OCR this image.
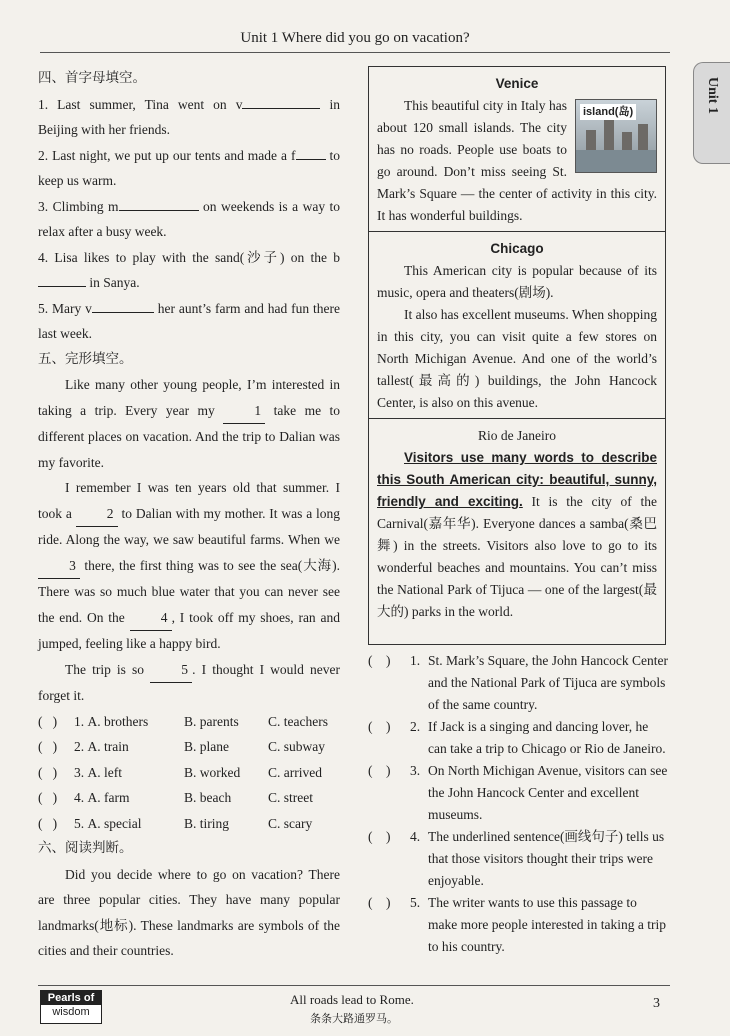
Unit 1 Where did you go on vacation?
Unit 1
四、首字母填空。
1. Last summer, Tina went on v	in Beijing with her friends.
2. Last night, we put up our tents and made a f	to keep us warm.
3. Climbing m	on weekends is a way to relax after a busy week.
4. Lisa likes to play with the sand(沙子) on the b in Sanya.
5. Mary v	her aunt’s farm and had fun there last week.
五、完形填空。
Like many other young people, I’m interested in taking a trip. Every year my	1 take me to different places on vacation. And the trip to Dalian was my favorite.
I remember I was ten years old that summer. I took a	2 to Dalian with my mother. It was a long ride. Along the way, we saw beautiful farms. When we 3 there, the first thing was to see the sea(大海). There was so much blue water that you can never see the end. On the	4 , I took off my shoes, ran and jumped, feeling like a happy bird.
The trip is so	5 . I thought I would never forget it.
(   )	1. A. brothers	B. parents	C. teachers
(   )	2. A. train	B. plane	C. subway
(   )	3. A. left	B. worked	C. arrived
(   )	4. A. farm	B. beach	C. street
(   )	5. A. special	B. tiring	C. scary
六、阅读判断。
Did you decide where to go on vacation? There are three popular cities. They have many popular landmarks(地标). These landmarks are symbols of the cities and their countries.
Venice
island(岛)
This beautiful city in Italy has about 120 small islands. The city has no roads. People use boats to go around. Don’t miss seeing St. Mark’s Square — the center of activity in this city. It has wonderful buildings.
Chicago
This American city is popular because of its music, opera and theaters(剧场).
It also has excellent museums. When shopping in this city, you can visit quite a few stores on North Michigan Avenue. And one of the world’s tallest(最高的) buildings, the John Hancock Center, is also on this avenue.
Rio de Janeiro
Visitors use many words to describe this South American city: beautiful, sunny, friendly and exciting. It is the city of the Carnival(嘉年华). Everyone dances a samba(桑巴舞) in the streets. Visitors also love to go to its wonderful beaches and mountains. You can’t miss the National Park of Tijuca — one of the largest(最大的) parks in the world.
(    )	1. St. Mark’s Square, the John Hancock Center and the National Park of Tijuca are symbols of the same country.
(    )	2. If Jack is a singing and dancing lover, he can take a trip to Chicago or Rio de Janeiro.
(    )	3. On North Michigan Avenue, visitors can see the John Hancock Center and excellent museums.
(    )	4. The underlined sentence(画线句子) tells us that those visitors thought their trips were enjoyable.
(    )	5. The writer wants to use this passage to make more people interested in taking a trip to his country.
Pearls of
wisdom
All roads lead to Rome.
条条大路通罗马。
3
